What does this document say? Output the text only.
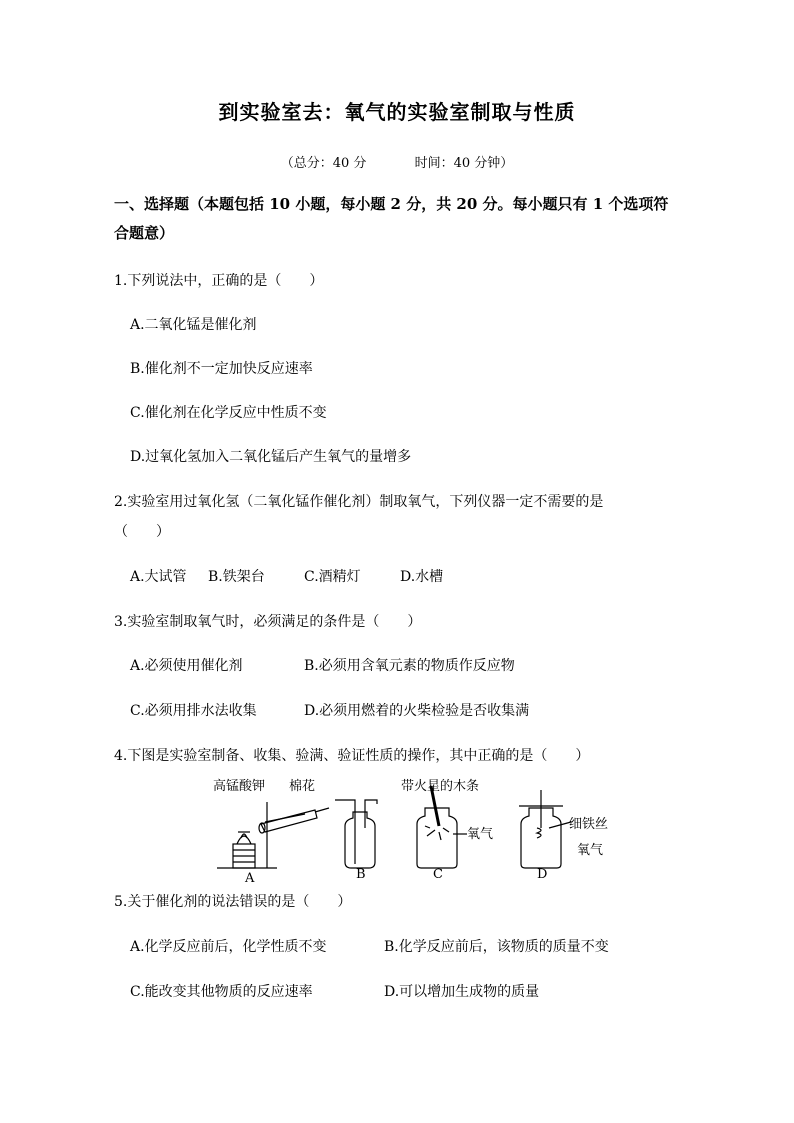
到实验室去：氧气的实验室制取与性质
（总分：40 分	时间：40 分钟）
一、选择题（本题包括 10 小题，每小题 2 分，共 20 分。每小题只有 1 个选项符
合题意）
1.下列说法中，正确的是（　　）
A.二氧化锰是催化剂
B.催化剂不一定加快反应速率
C.催化剂在化学反应中性质不变
D.过氧化氢加入二氧化锰后产生氧气的量增多
2.实验室用过氧化氢（二氧化锰作催化剂）制取氧气，下列仪器一定不需要的是
（　　）
A.大试管 B.铁架台	C.酒精灯	D.水槽
3.实验室制取氧气时，必须满足的条件是（　　）
A.必须使用催化剂	B.必须用含氧元素的物质作反应物
C.必须用排水法收集	D.必须用燃着的火柴检验是否收集满
4.下图是实验室制备、收集、验满、验证性质的操作，其中正确的是（　　）
高锰酸钾 棉花	带火星的木条
氧气
细铁丝
氧气
A	B	C	D
5.关于催化剂的说法错误的是（　　）
A.化学反应前后，化学性质不变	B.化学反应前后，该物质的质量不变
C.能改变其他物质的反应速率	D.可以增加生成物的质量
